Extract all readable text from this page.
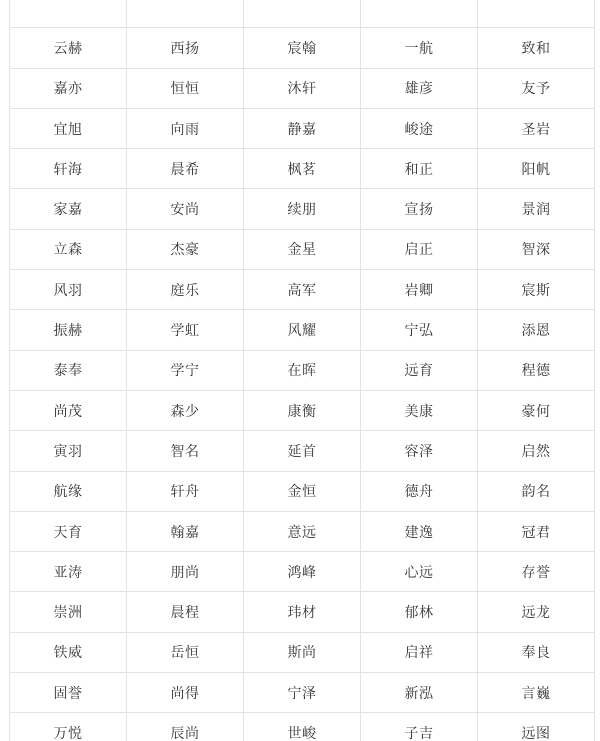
云赫	西扬	宸翰	一航	致和
嘉亦	恒恒	沐轩	雄彦	友予
宜旭	向雨	静嘉	峻途	圣岩
轩海	晨希	枫茗	和正	阳帆
家嘉	安尚	续朋	宣扬	景润
立森	杰豪	金星	启正	智深
风羽	庭乐	高军	岩卿	宸斯
振赫	学虹	风耀	宁弘	添恩
泰奉	学宁	在晖	远育	程德
尚茂	森少	康衡	美康	豪何
寅羽	智名	延首	容泽	启然
航缘	轩舟	金恒	德舟	韵名
天育	翰嘉	意远	建逸	冠君
亚涛	朋尚	鸿峰	心远	存誉
崇洲	晨程	玮材	郁林	远龙
铁威	岳恒	斯尚	启祥	奉良
固誉	尚得	宁泽	新泓	言巍
万悦	辰尚	世峻	子吉	远图
